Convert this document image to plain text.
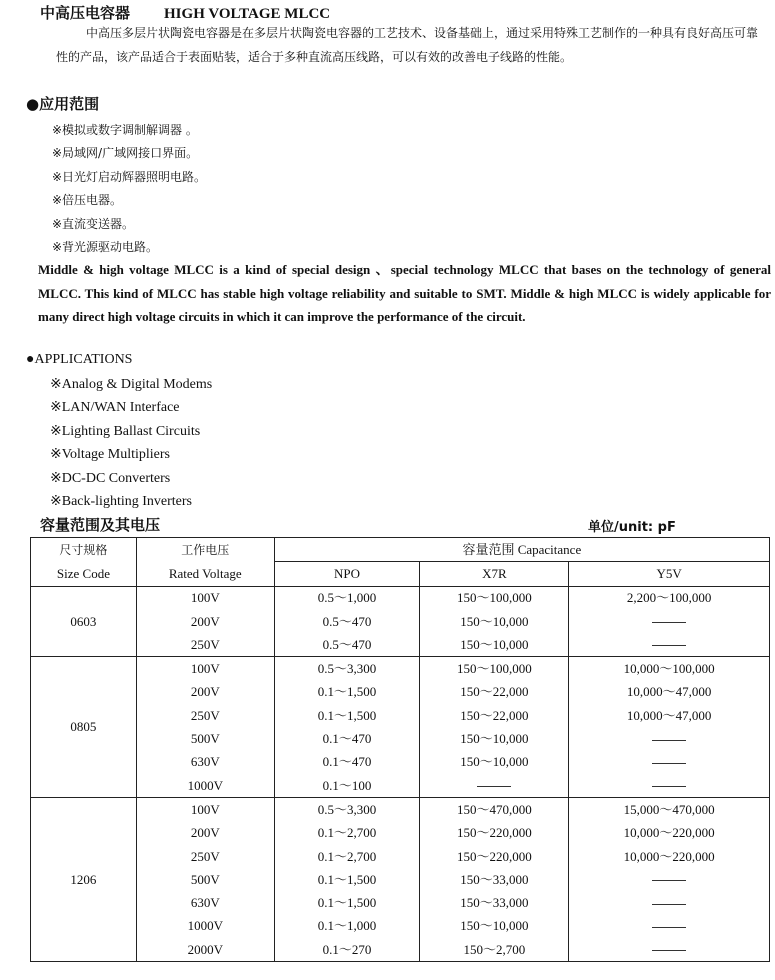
中高压电容器 HIGH VOLTAGE MLCC

中高压多层片状陶瓷电容器是在多层片状陶瓷电容器的工艺技术、设备基础上，通过采用特殊工艺制作的一种具有良好高压可靠性的产品，该产品适合于表面贴装，适合于多种直流高压线路，可以有效的改善电子线路的性能。

●应用范围
※模拟或数字调制解调器 。
※局域网/广域网接口界面。
※日光灯启动辉器照明电路。
※倍压电器。
※直流变送器。
※背光源驱动电路。

Middle & high voltage MLCC is a kind of special design 、special technology MLCC that bases on the technology of general MLCC. This kind of MLCC has stable high voltage reliability and suitable to SMT. Middle & high MLCC is widely applicable for many direct high voltage circuits in which it can improve the performance of the circuit.

●APPLICATIONS
※Analog & Digital Modems
※LAN/WAN Interface
※Lighting Ballast Circuits
※Voltage Multipliers
※DC-DC Converters
※Back-lighting Inverters
容量范围及其电压	单位/unit: pF
尺寸规格	工作电压	容量范围 Capacitance		
Size Code	Rated Voltage	NPO	X7R	Y5V
0603	100V	0.5～1,000	150～100,000	2,200～100,000
	200V	0.5～470	150～10,000	
	250V	0.5～470	150～10,000	
0805	100V	0.5～3,300	150～100,000	10,000～100,000
	200V	0.1～1,500	150～22,000	10,000～47,000
	250V	0.1～1,500	150～22,000	10,000～47,000
	500V	0.1～470	150～10,000	
	630V	0.1～470	150～10,000	
	1000V	0.1～100		
1206	100V	0.5～3,300	150～470,000	15,000～470,000
	200V	0.1～2,700	150～220,000	10,000～220,000
	250V	0.1～2,700	150～220,000	10,000～220,000
	500V	0.1～1,500	150～33,000	
	630V	0.1～1,500	150～33,000	
	1000V	0.1～1,000	150～10,000	
	2000V	0.1～270	150～2,700	
